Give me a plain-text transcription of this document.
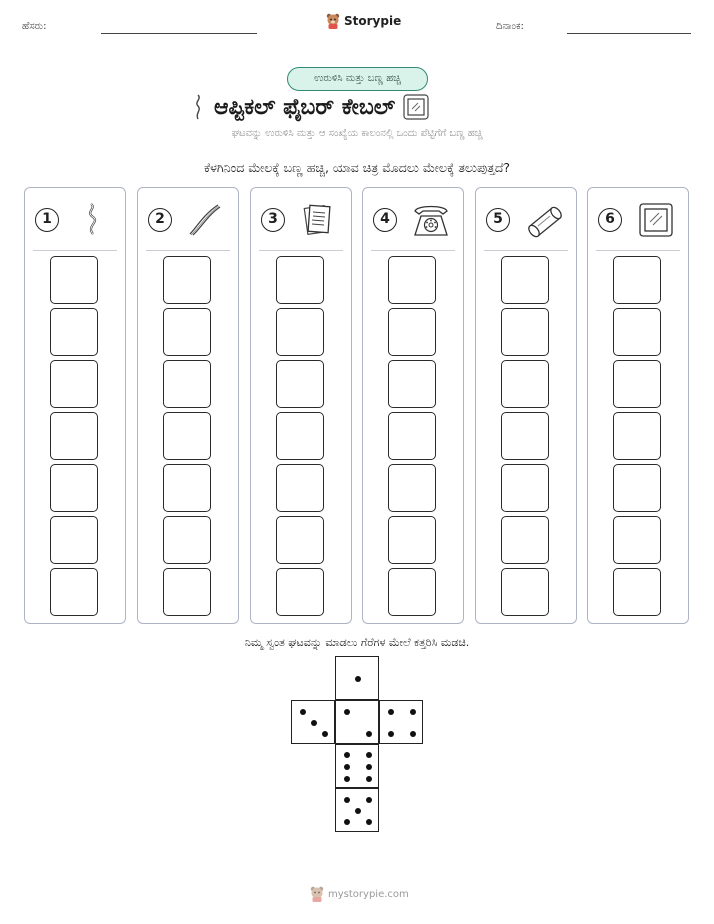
ಹೆಸರು:	Storypie	ದಿನಾಂಕ:
ಉರುಳಿಸಿ ಮತ್ತು ಬಣ್ಣ ಹಚ್ಚಿ
ಆಪ್ಟಿಕಲ್ ಫೈಬರ್ ಕೇಬಲ್
ಘಟವನ್ನು ಉರುಳಿಸಿ ಮತ್ತು ಆ ಸಂಖ್ಯೆಯ ಕಾಲಂನಲ್ಲಿ ಒಂದು ಪೆಟ್ಟಿಗೆಗೆ ಬಣ್ಣ ಹಚ್ಚಿ
ಕೆಳಗಿನಿಂದ ಮೇಲಕ್ಕೆ ಬಣ್ಣ ಹಚ್ಚಿ, ಯಾವ ಚಿತ್ರ ಮೊದಲು ಮೇಲಕ್ಕೆ ತಲುಪುತ್ತದೆ?
1	2	3	4	5	6
ನಿಮ್ಮ ಸ್ವಂತ ಘಟವನ್ನು ಮಾಡಲು ಗೆರೆಗಳ ಮೇಲೆ ಕತ್ತರಿಸಿ ಮಡಚಿ.
mystorypie.com
